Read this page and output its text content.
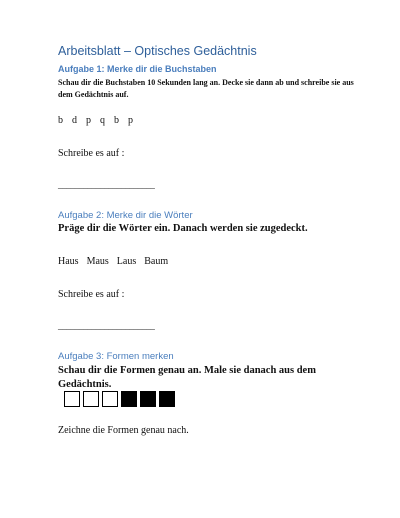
Arbeitsblatt – Optisches Gedächtnis
Aufgabe 1: Merke dir die Buchstaben
Schau dir die Buchstaben 10 Sekunden lang an. Decke sie dann ab und schreibe sie aus dem Gedächtnis auf.
b d p q b p
Schreibe es auf :
_______________________
Aufgabe 2: Merke dir die Wörter
Präge dir die Wörter ein. Danach werden sie zugedeckt.
Haus Maus Laus Baum
Schreibe es auf :
_______________________
Aufgabe 3: Formen merken
Schau dir die Formen genau an. Male sie danach aus dem Gedächtnis.
Zeichne die Formen genau nach.
